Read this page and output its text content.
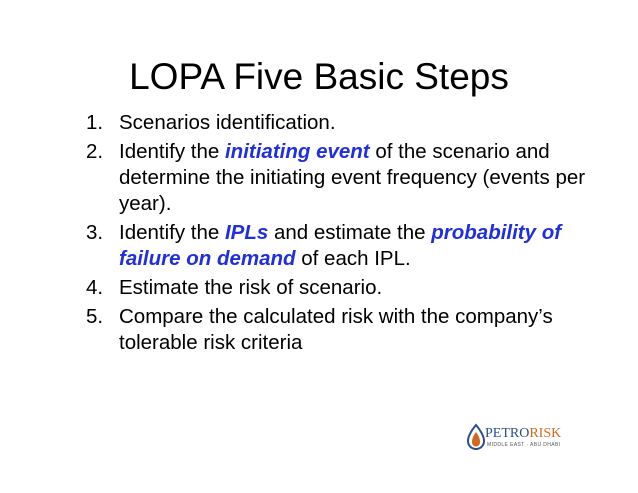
LOPA Five Basic Steps
1. Scenarios identification.
2. Identify the initiating event of the scenario and determine the initiating event frequency (events per year).
3. Identify the IPLs and estimate the probability of failure on demand of each IPL.
4. Estimate the risk of scenario.
5. Compare the calculated risk with the company’s tolerable risk criteria
PETRORISK
MIDDLE EAST · ABU DHABI
